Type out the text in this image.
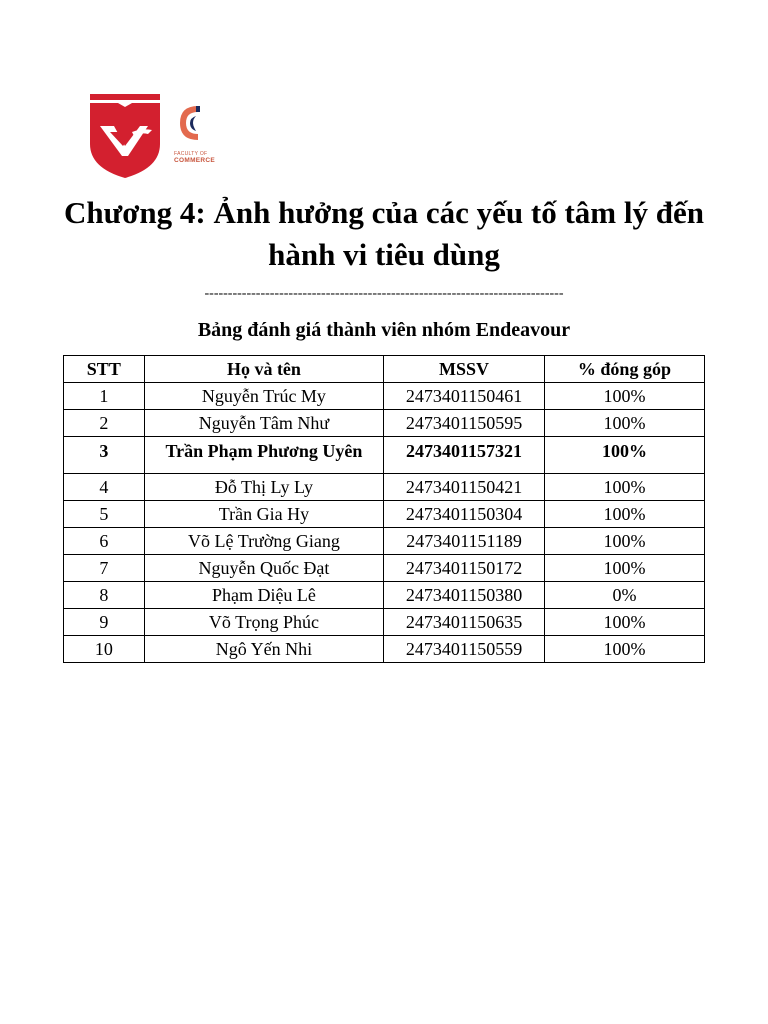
FACULTY OF
COMMERCE
Chương 4: Ảnh hưởng của các yếu tố tâm lý đến hành vi tiêu dùng
-----------------------------------------------------------------------------
Bảng đánh giá thành viên nhóm Endeavour
STT	Họ và tên	MSSV	% đóng góp
1	Nguyễn Trúc My	2473401150461	100%
2	Nguyễn Tâm Như	2473401150595	100%
3	Trần Phạm Phương Uyên	2473401157321	100%
4	Đỗ Thị Ly Ly	2473401150421	100%
5	Trần Gia Hy	2473401150304	100%
6	Võ Lệ Trường Giang	2473401151189	100%
7	Nguyễn Quốc Đạt	2473401150172	100%
8	Phạm Diệu Lê	2473401150380	0%
9	Võ Trọng Phúc	2473401150635	100%
10	Ngô Yến Nhi	2473401150559	100%
